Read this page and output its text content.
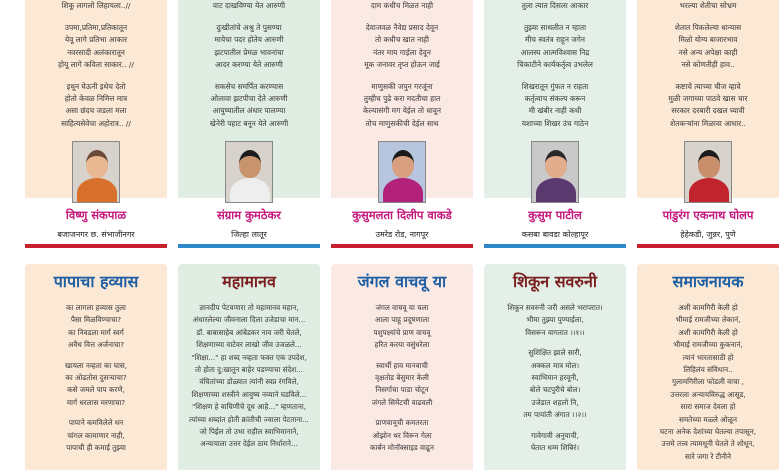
शिकू लागलो लिहायला..//

उपमा,प्रतिमा,प्रतिकातून

येवू लागे प्रतिभा आकार

नवरसादी अलंकारातून

होयू लागे कविता साकार.. //

इथून घेऊनी इथेच देतो

होतो केवळ निमित्त मात्र

असा छंदच जडला मला

साहित्यसेवेचा अहोरात्र.. //

विष्णु संकपाळ
बजाजनगर छ. संभाजीनगर

वाट दाखविण्या येत आरुणी

दुःखीतांचे अश्रु ते पुसण्या

मायेचा पदर होतेय आरुणी

झटपातील प्रेमळ भावनांचा

आदर करण्या येते आरुणी

सकसेच समर्पित करण्यास

ओलावा झटपीचा देते आरुणी

आयुष्यातील अंधार पालण्या

खेनेरी पहाट बनून येते आरुणी

संग्राम कुमठेकर
जिल्हा लातूर

दाम कधीच मिळत नाही

देवाजवळ नैवेद्य प्रसाद देवून

तो कधीच खात नाही

नंतर माय गाईला देवून

मूक जनावर तृप्त होऊन जाई

माणुसकी जपुन गरजूंना

तुम्हीच पुढे करा मदतीचा हात

केल्यासंगी मग येईल तो धावून

तोच माणुसकीची देईल साथ

कुसुमलता दिलीप वाकडे
उमरेड रोड, नागपूर

तुला त्यात दिसला आकार

तुझ्या साथलीत न ग्हाता

मीच स्वतंत्र राहून जगेन

आलस्य आत्मविश्वास निद्र

चिकाटीने कार्यकर्तृत्व उभलेल

शिखरातून गुंफत न राहता

कर्तृत्वाच संकल्प करून

मी खंबीर नाही कधी

यशाच्या शिखर उंच गाठेन

कुसुम पाटील
कसबा बावडा कोल्हापूर

भरल्या शेतीचा सोभ्रम

शेतात पिकलेल्या धान्यास

मिळो योग्य बाजारभाव

नसे अन्य अपेक्षा काही

नसे कोणतीही हाव..

कष्टाचे त्याच्या चीज व्हावे

मुळी जगाच्या पाठवे खास चार

सरकार दरबारी दखल घ्यावी

शेतकऱ्यांना मिळावा आधार..

पांडुरंग एकनाथ घोलप
हेहेकडी, जुन्नर, पुणे
पापाचा हव्यास

का लागला हव्यास तुला

पैसा मिळविण्याचा?

का निवडला मार्ग स्वर्ग

अवैध वित्त अर्जनाचा?

खायला नव्हता का घास,

का ओढतोस दुसऱ्याचा?

कसे जमले पाप करणे,

मार्ग धरलास मरणाचा?

पापाने कमविलेले धन

चांगल कामाणार नाही,

पापाची ही कमाई तुझ्या

महामानव

ज्ञानदीप पेटवणारा तो महामानव महान,

अंधारलेल्या जीवनाला दिला उजेडाचा मान...

डॉ. बाबासाहेब आंबेडकर नाव जरी घेतले,

शिक्षणाच्या वाटेवर लाखो जीव उजळले...

"शिक्षा..." हा शब्द नव्हता फक्त एक उपदेश,

तो होता दु:खातून बाहेर पडण्याचा संदेश...

वंचितांच्या डोळ्यात त्यांनी स्वप्न रंगविले,

शिक्षणाच्या शस्त्रीने आयुष्य नव्याने घडविले...

"शिक्षण हे वाघिणीचे दूध आहे..." म्हणताना,

त्यांच्या शब्दांत होती क्रांतीची ज्वाला पेटताना...

जो पिईल तो उभा राहील स्वाभिमानाने,

अन्यायाला उत्तर देईल ठाम निर्धाराने...

जंगल वाचवू या

जंगल वाचवू या चला

आला पाहू प्रदूषणाला

पशुपक्ष्यांचे प्राण वाचवू

हरित करया वसुंधरेला

स्वार्थी हाव मानवाची

वृक्षतोड बेसुमार केली

निसर्गाचा पाडा चोटून

जंगले सिमेंटची वाढवली

प्राणवायूची कमतरता

ओझोन थर विरून गेला

कार्बन मोनॉक्साइड वाढून

शिकून सवरुनी

शिकून सवरुनी जरी असले भरापरात।

भीमा तुझ्या पुण्याईला,

विसरून वागतात ।।१।।

सुशिक्षित झाले सारी,

अक्कल मात्र मोल।

स्वाभिमान हरवूनी,

बोले चटपुरीचे बोल।

उजेडात शहलो नि,

तम पायांती अंगात ।।२।।

गावेगावी अनुयायी,

घेतात धम्म शिबिरं।

समाजनायक

अशी कामगिरी केली हो

भीमाई रामजीच्या लेकानं,

अशी कामगिरी केली हो

भीमाई रामजीच्या कुकनानं,

त्यानं भारतासाठी हो

लिहिलंय संविधान..

गुलामगिरीला फोडली वाचा ,

उत्तरला अन्यायविरुद्ध आसूड,

सारा समाज देवला हो

समतेच्या मळ्ले ओळून

घटना अनेक देशांच्या घेतल्या तपासून,

उत्तमे तत्त्व त्यामधूनी घेतले ते शोधून,

सारे जगा रे टीनीने
